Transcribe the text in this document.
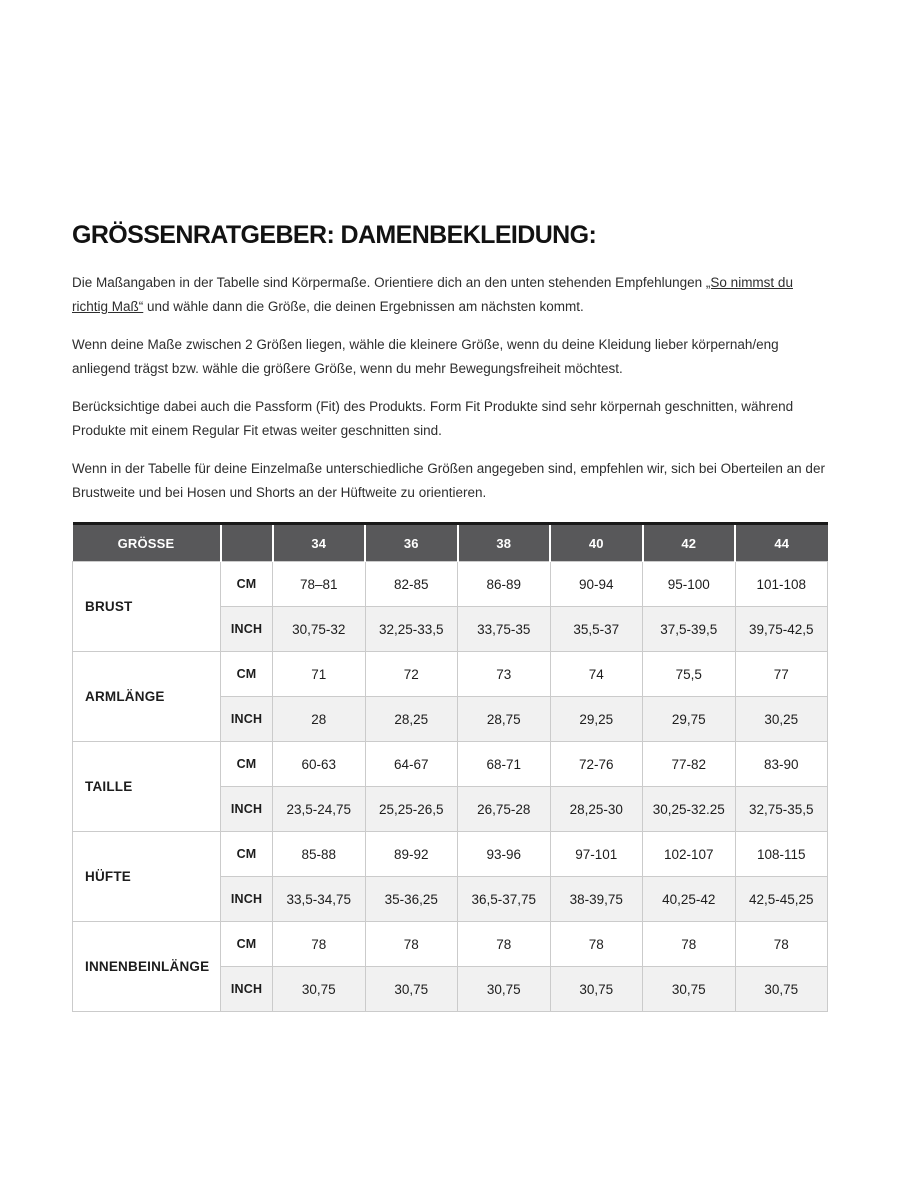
GRÖSSENRATGEBER: DAMENBEKLEIDUNG:

Die Maßangaben in der Tabelle sind Körpermaße. Orientiere dich an den unten stehenden Empfehlungen „So nimmst du richtig Maß“ und wähle dann die Größe, die deinen Ergebnissen am nächsten kommt.

Wenn deine Maße zwischen 2 Größen liegen, wähle die kleinere Größe, wenn du deine Kleidung lieber körpernah/eng anliegend trägst bzw. wähle die größere Größe, wenn du mehr Bewegungsfreiheit möchtest.

Berücksichtige dabei auch die Passform (Fit) des Produkts. Form Fit Produkte sind sehr körpernah geschnitten, während Produkte mit einem Regular Fit etwas weiter geschnitten sind.

Wenn in der Tabelle für deine Einzelmaße unterschiedliche Größen angegeben sind, empfehlen wir, sich bei Oberteilen an der Brustweite und bei Hosen und Shorts an der Hüftweite zu orientieren.

GRÖSSE		34	36	38	40	42	44
BRUST	CM	78–81	82-85	86-89	90-94	95-100	101-108
	INCH	30,75-32	32,25-33,5	33,75-35	35,5-37	37,5-39,5	39,75-42,5
ARMLÄNGE	CM	71	72	73	74	75,5	77
	INCH	28	28,25	28,75	29,25	29,75	30,25
TAILLE	CM	60-63	64-67	68-71	72-76	77-82	83-90
	INCH	23,5-24,75	25,25-26,5	26,75-28	28,25-30	30,25-32.25	32,75-35,5
HÜFTE	CM	85-88	89-92	93-96	97-101	102-107	108-115
	INCH	33,5-34,75	35-36,25	36,5-37,75	38-39,75	40,25-42	42,5-45,25
INNENBEINLÄNGE	CM	78	78	78	78	78	78
	INCH	30,75	30,75	30,75	30,75	30,75	30,75
